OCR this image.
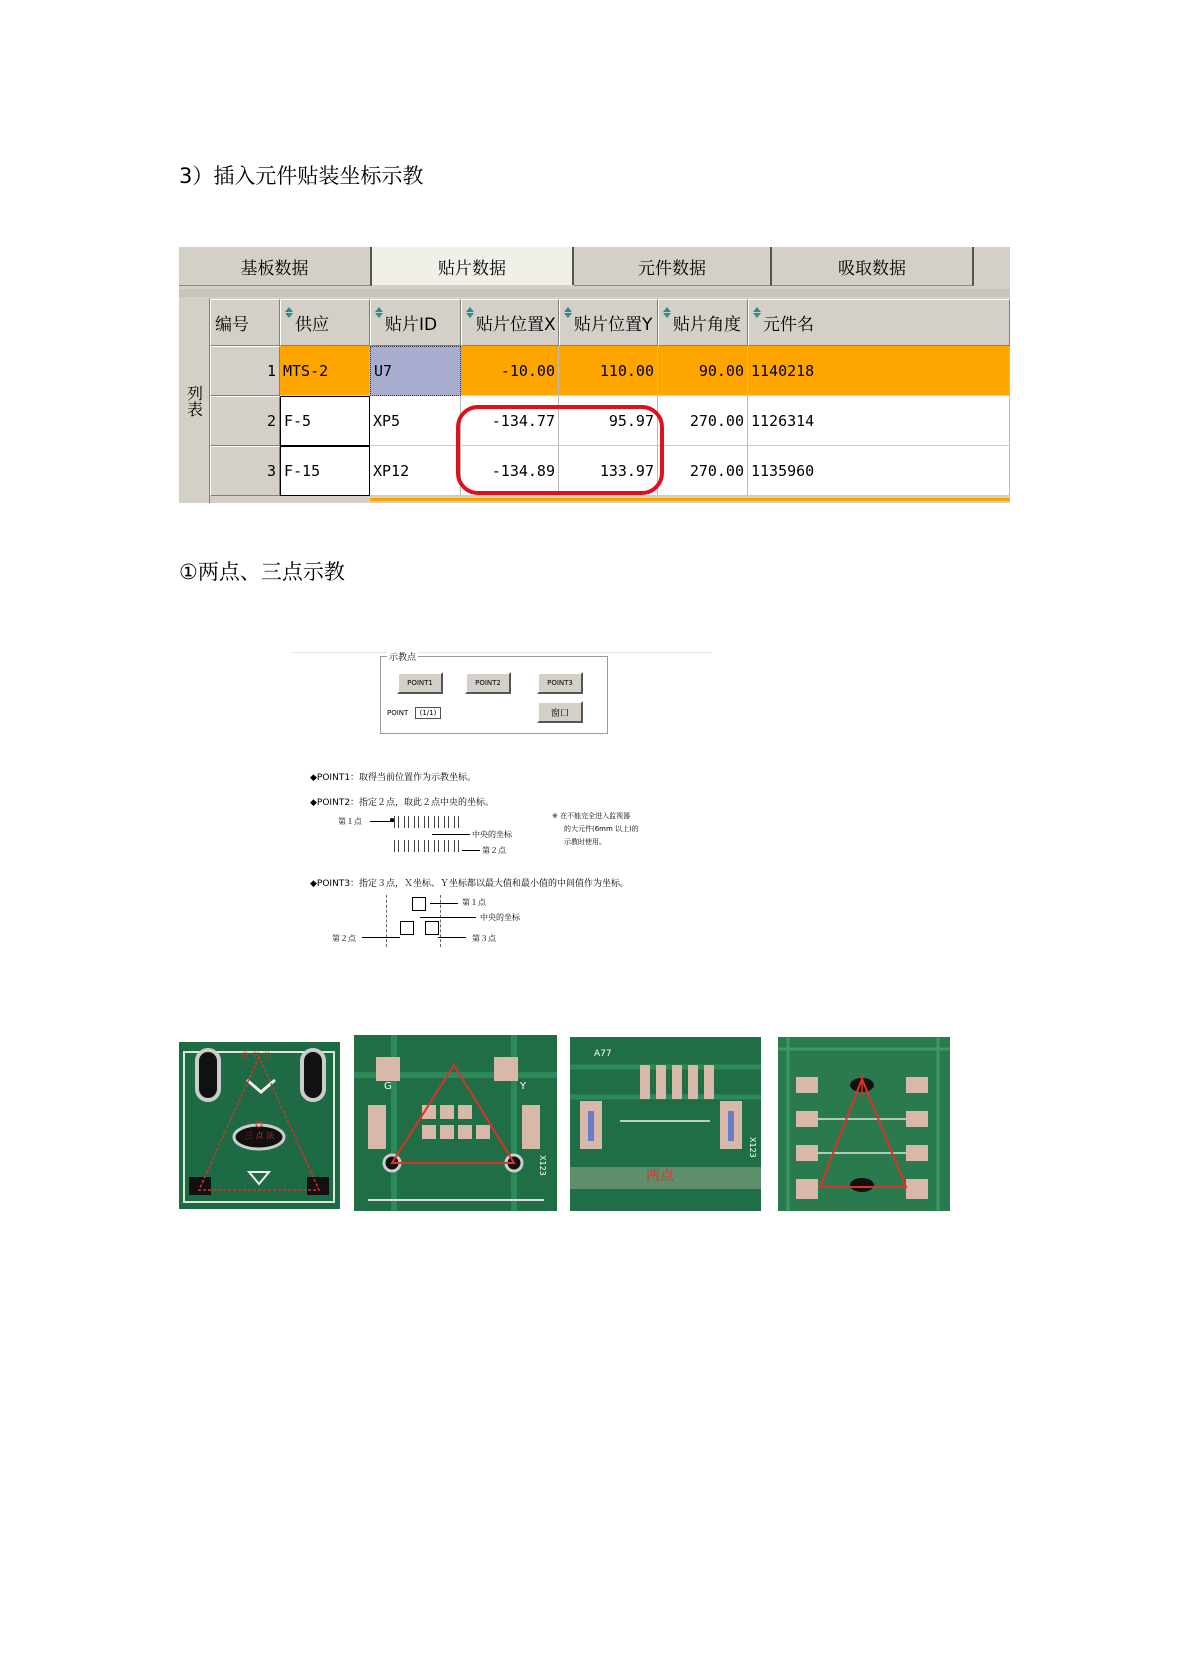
3）插入元件贴装坐标示教
①两点、三点示教
基板数据	贴片数据	元件数据	吸取数据
列表
编号	供应	贴片ID 贴片位置X 贴片位置Y 贴片角度 元件名
1 MTS-2	U7	-10.00	110.00	90.00 1140218
2 F-5	XP5	-134.77	95.97	270.00 1126314
3 F-15	XP12	-134.89	133.97	270.00 1135960
示教点
POINT1	POINT2	POINT3
窗口
POINT	(1/1)
◆POINT1：取得当前位置作为示教坐标。
◆POINT2：指定２点，取此２点中央的坐标。
第１点
中央的坐标
第２点
※ 在不能完全进入监视器
的大元件(6mm 以上)的
示教时使用。
◆POINT3：指定３点，Ｘ坐标、Ｙ坐标都以最大值和最小值的中间值作为坐标。
第１点
中央的坐标
第２点	第３点
自 定 义
三 点 法
G	Y
X123
A77
两点
X123
